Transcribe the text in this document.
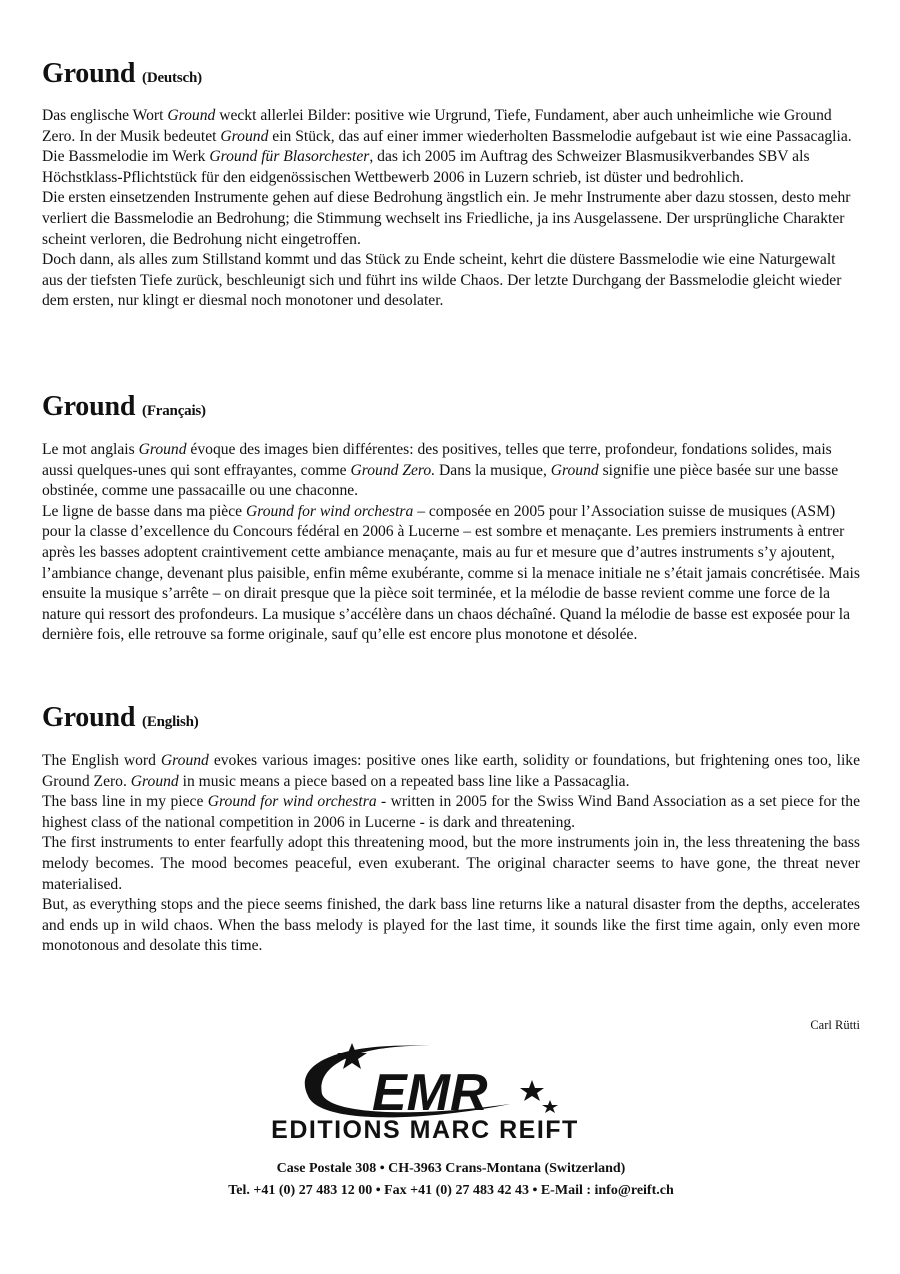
Ground (Deutsch)

Das englische Wort Ground weckt allerlei Bilder: positive wie Urgrund, Tiefe, Fundament, aber auch unheimliche wie Ground Zero. In der Musik bedeutet Ground ein Stück, das auf einer immer wiederholten Bassmelodie aufgebaut ist wie eine Passacaglia.

Die Bassmelodie im Werk Ground für Blasorchester, das ich 2005 im Auftrag des Schweizer Blasmusikverbandes SBV als Höchstklass-Pflichtstück für den eidgenössischen Wettbewerb 2006 in Luzern schrieb, ist düster und bedrohlich.

Die ersten einsetzenden Instrumente gehen auf diese Bedrohung ängstlich ein. Je mehr Instrumente aber dazu stossen, desto mehr verliert die Bassmelodie an Bedrohung; die Stimmung wechselt ins Friedliche, ja ins Ausgelassene. Der ursprüngliche Charakter scheint verloren, die Bedrohung nicht eingetroffen.

Doch dann, als alles zum Stillstand kommt und das Stück zu Ende scheint, kehrt die düstere Bassmelodie wie eine Naturgewalt aus der tiefsten Tiefe zurück, beschleunigt sich und führt ins wilde Chaos. Der letzte Durchgang der Bassmelodie gleicht wieder dem ersten, nur klingt er diesmal noch monotoner und desolater.

Ground (Français)

Le mot anglais Ground évoque des images bien différentes: des positives, telles que terre, profondeur, fondations solides, mais aussi quelques-unes qui sont effrayantes, comme Ground Zero. Dans la musique, Ground signifie une pièce basée sur une basse obstinée, comme une passacaille ou une chaconne.

Le ligne de basse dans ma pièce Ground for wind orchestra – composée en 2005 pour l’Association suisse de musiques (ASM) pour la classe d’excellence du Concours fédéral en 2006 à Lucerne – est sombre et menaçante. Les premiers instruments à entrer après les basses adoptent craintivement cette ambiance menaçante, mais au fur et mesure que d’autres instruments s’y ajoutent, l’ambiance change, devenant plus paisible, enfin même exubérante, comme si la menace initiale ne s’était jamais concrétisée. Mais ensuite la musique s’arrête – on dirait presque que la pièce soit terminée, et la mélodie de basse revient comme une force de la nature qui ressort des profondeurs. La musique s’accélère dans un chaos déchaîné. Quand la mélodie de basse est exposée pour la dernière fois, elle retrouve sa forme originale, sauf qu’elle est encore plus monotone et désolée.

Ground (English)

The English word Ground evokes various images: positive ones like earth, solidity or foundations, but frightening ones too, like Ground Zero. Ground in music means a piece based on a repeated bass line like a Passacaglia.

The bass line in my piece Ground for wind orchestra - written in 2005 for the Swiss Wind Band Association as a set piece for the highest class of the national competition in 2006 in Lucerne - is dark and threatening.

The first instruments to enter fearfully adopt this threatening mood, but the more instruments join in, the less threatening the bass melody becomes. The mood becomes peaceful, even exuberant. The original character seems to have gone, the threat never materialised.

But, as everything stops and the piece seems finished, the dark bass line returns like a natural disaster from the depths, accelerates and ends up in wild chaos. When the bass melody is played for the last time, it sounds like the first time again, only even more monotonous and desolate this time.

Carl Rütti
EMR
EDITIONS MARC REIFT
Case Postale 308 • CH-3963 Crans-Montana (Switzerland)
Tel. +41 (0) 27 483 12 00 • Fax +41 (0) 27 483 42 43 • E-Mail : info@reift.ch
